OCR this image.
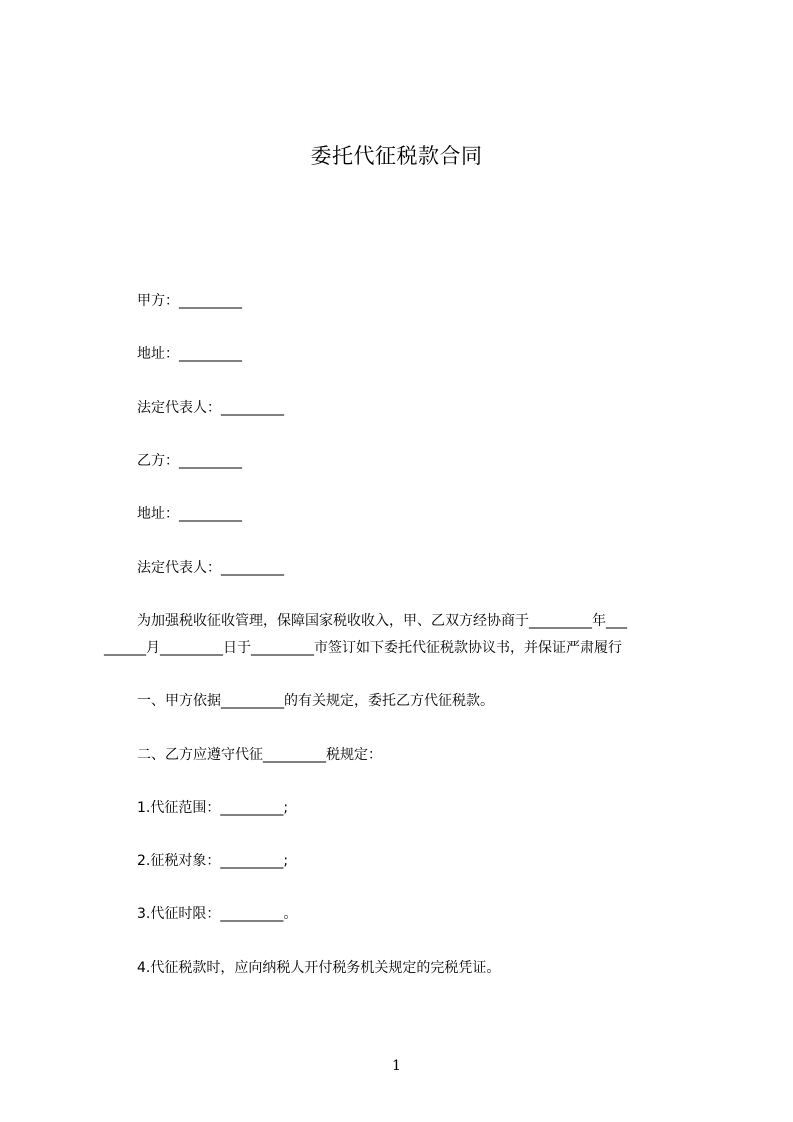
委托代征税款合同
甲方：_________
地址：_________
法定代表人：_________
乙方：_________
地址：_________
法定代表人：_________
为加强税收征收管理，保障国家税收收入，甲、乙双方经协商于_________年___
______月_________日于_________市签订如下委托代征税款协议书，并保证严肃履行
一、甲方依据_________的有关规定，委托乙方代征税款。
二、乙方应遵守代征_________税规定：
1.代征范围：_________;
2.征税对象：_________;
3.代征时限：_________。
4.代征税款时，应向纳税人开付税务机关规定的完税凭证。
1
